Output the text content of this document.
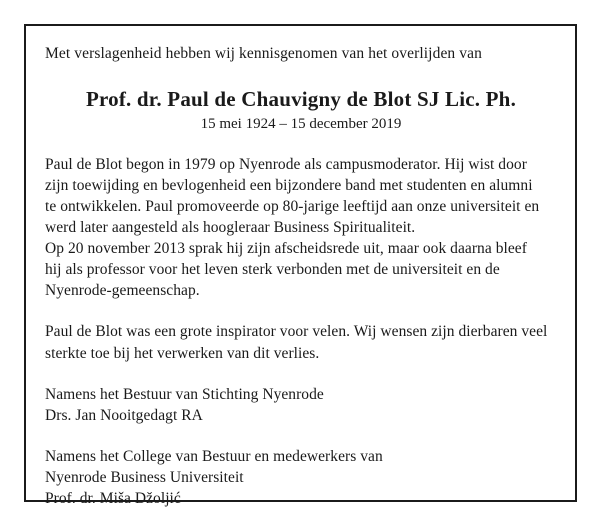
Met verslagenheid hebben wij kennisgenomen van het overlijden van

Prof. dr. Paul de Chauvigny de Blot SJ Lic. Ph.

15 mei 1924 – 15 december 2019

Paul de Blot begon in 1979 op Nyenrode als campusmoderator. Hij wist door
zijn toewijding en bevlogenheid een bijzondere band met studenten en alumni
te ontwikkelen. Paul promoveerde op 80-jarige leeftijd aan onze universiteit en
werd later aangesteld als hoogleraar Business Spiritualiteit.
Op 20 november 2013 sprak hij zijn afscheidsrede uit, maar ook daarna bleef
hij als professor voor het leven sterk verbonden met de universiteit en de
Nyenrode-gemeenschap.
Paul de Blot was een grote inspirator voor velen. Wij wensen zijn dierbaren veel
sterkte toe bij het verwerken van dit verlies.
Namens het Bestuur van Stichting Nyenrode
Drs. Jan Nooitgedagt RA
Namens het College van Bestuur en medewerkers van
Nyenrode Business Universiteit
Prof. dr. Miša Džoljić
